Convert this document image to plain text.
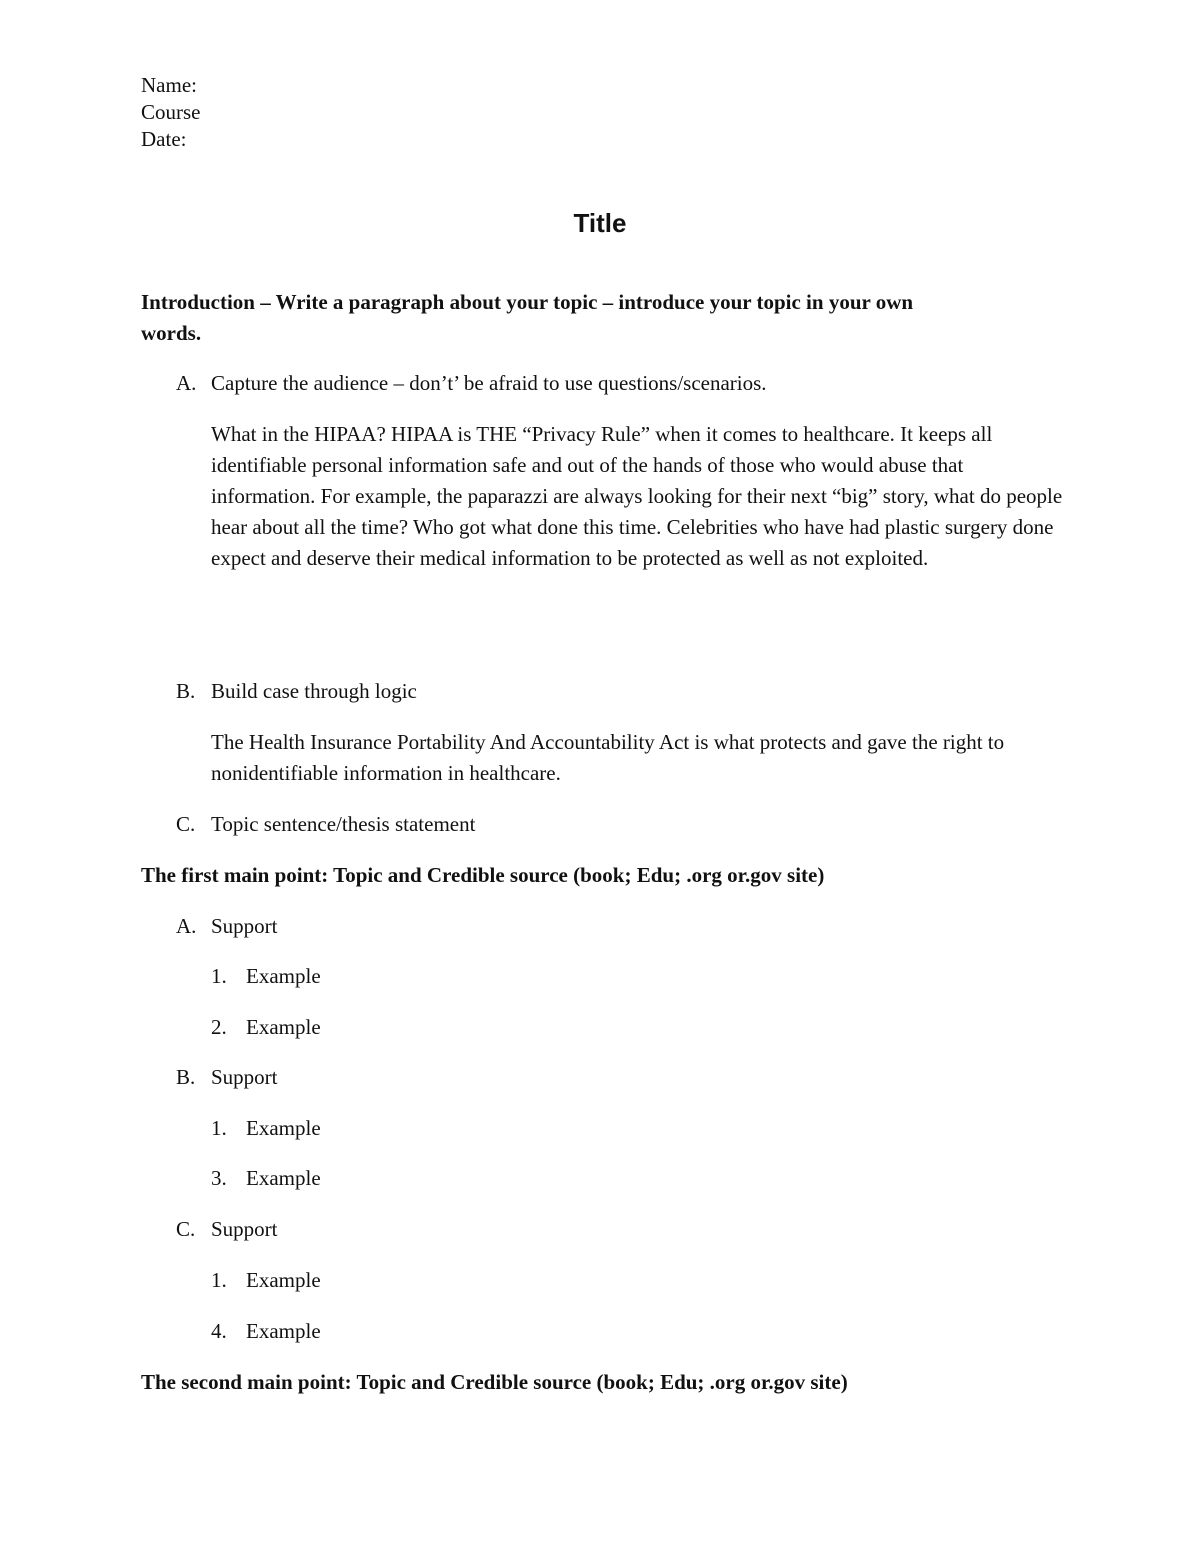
Name:
Course
Date:
Title
Introduction – Write a paragraph about your topic – introduce your topic in your own
words.
A. Capture the audience – don’t’ be afraid to use questions/scenarios.
What in the HIPAA? HIPAA is THE “Privacy Rule” when it comes to healthcare. It keeps all identifiable personal information safe and out of the hands of those who would abuse that information. For example, the paparazzi are always looking for their next “big” story, what do people hear about all the time? Who got what done this time. Celebrities who have had plastic surgery done expect and deserve their medical information to be protected as well as not exploited.
B. Build case through logic
The Health Insurance Portability And Accountability Act is what protects and gave the right to nonidentifiable information in healthcare.
C. Topic sentence/thesis statement
The first main point: Topic and Credible source (book; Edu; .org or.gov site)
A. Support
1. Example
2. Example
B. Support
1. Example
3. Example
C. Support
1. Example
4. Example
The second main point: Topic and Credible source (book; Edu; .org or.gov site)
